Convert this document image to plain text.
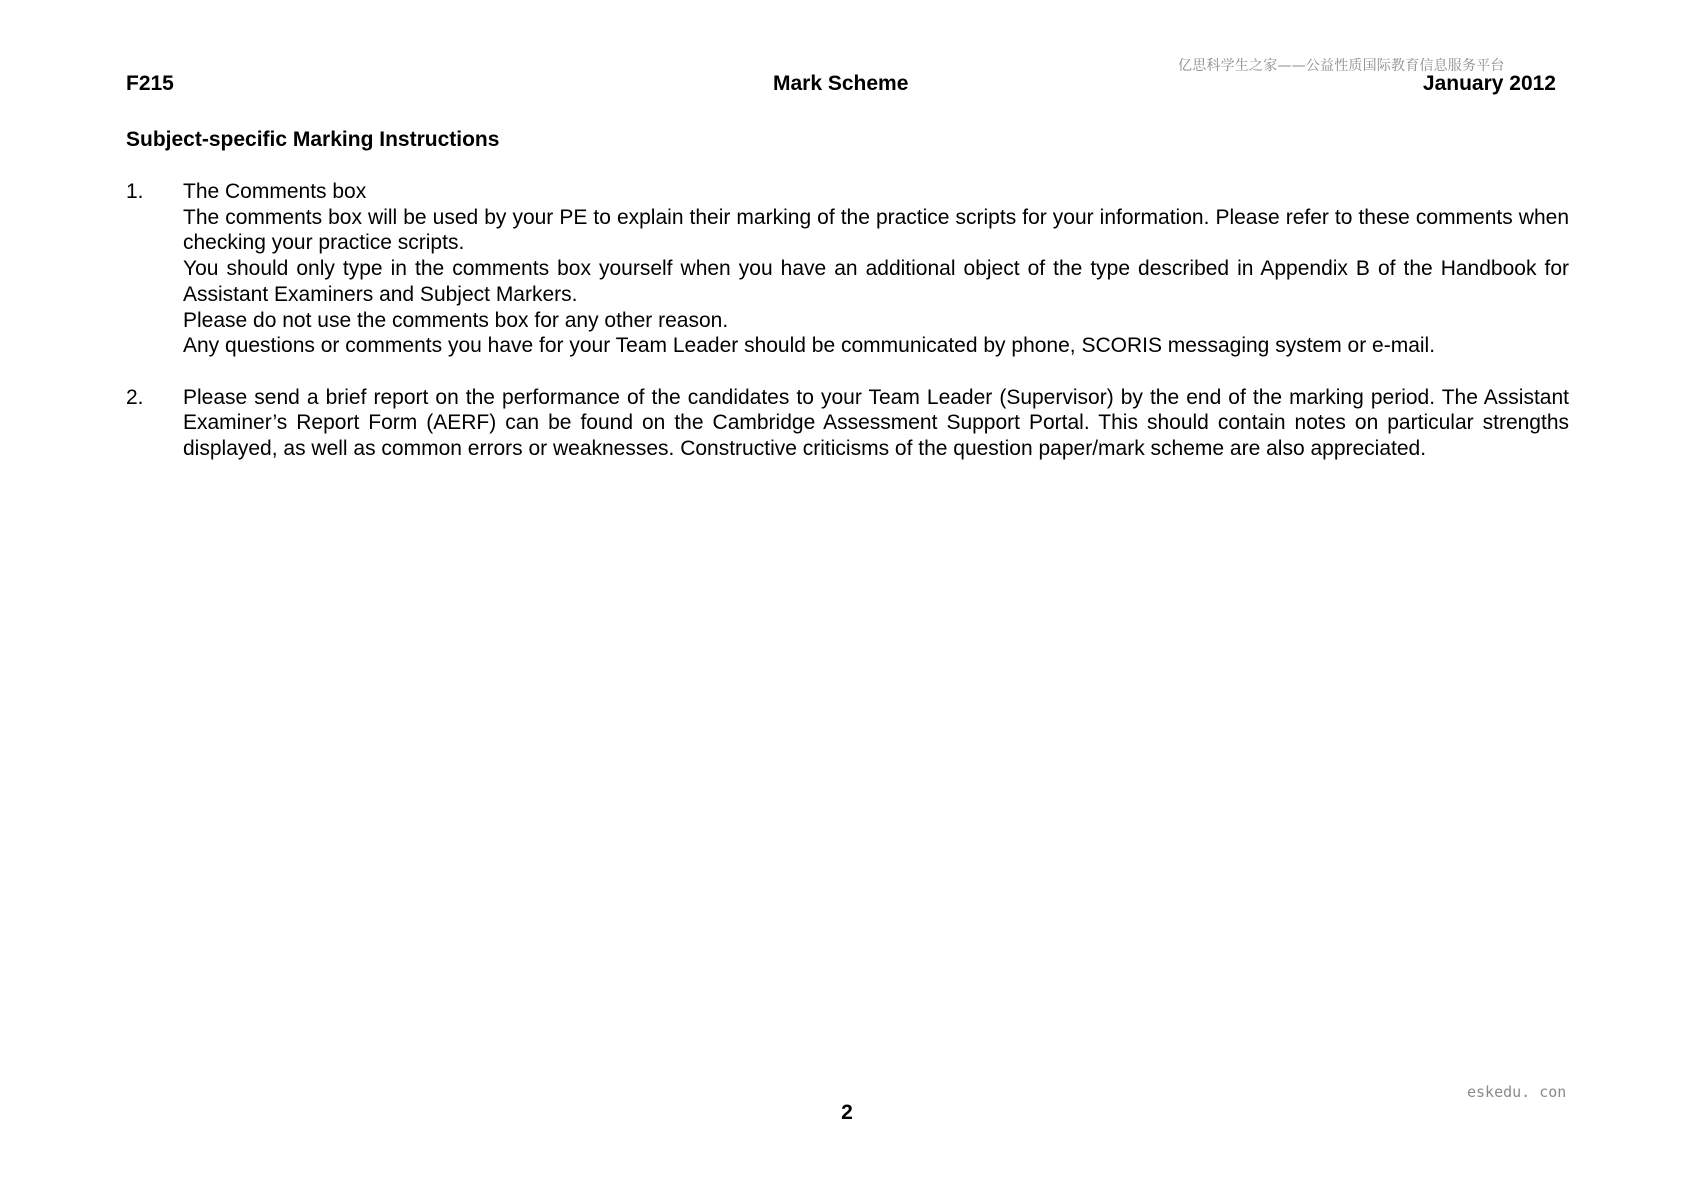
亿思科学生之家——公益性质国际教育信息服务平台
F215	Mark Scheme	January 2012
Subject-specific Marking Instructions
1. The Comments box

The comments box will be used by your PE to explain their marking of the practice scripts for your information. Please refer to these comments when checking your practice scripts.

You should only type in the comments box yourself when you have an additional object of the type described in Appendix B of the Handbook for Assistant Examiners and Subject Markers.

Please do not use the comments box for any other reason.

Any questions or comments you have for your Team Leader should be communicated by phone, SCORIS messaging system or e-mail.

2. Please send a brief report on the performance of the candidates to your Team Leader (Supervisor) by the end of the marking period. The Assistant Examiner’s Report Form (AERF) can be found on the Cambridge Assessment Support Portal. This should contain notes on particular strengths displayed, as well as common errors or weaknesses. Constructive criticisms of the question paper/mark scheme are also appreciated.

eskedu. con
2
